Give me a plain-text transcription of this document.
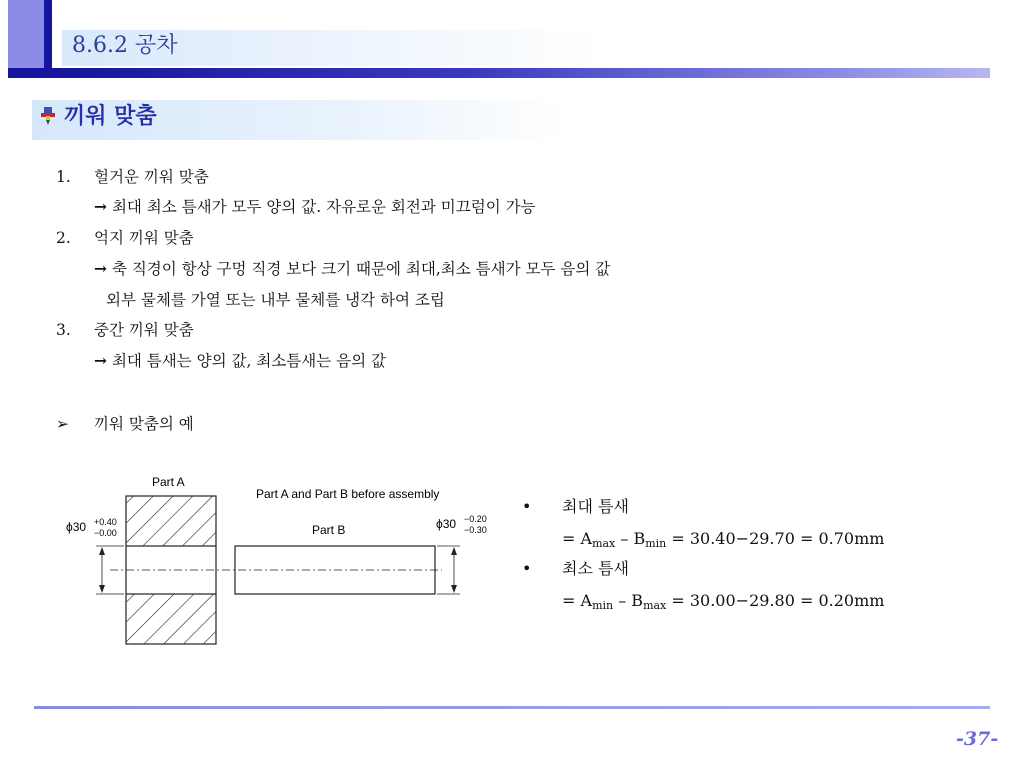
8.6.2 공차
끼워 맞춤
1. 헐거운 끼워 맞춤
→ 최대 최소 틈새가 모두 양의 값. 자유로운 회전과 미끄럼이 가능
2. 억지 끼워 맞춤
→ 축 직경이 항상 구멍 직경 보다 크기 때문에 최대,최소 틈새가 모두 음의 값
외부 물체를 가열 또는 내부 물체를 냉각 하여 조립
3. 중간 끼워 맞춤
→ 최대 틈새는 양의 값, 최소틈새는 음의 값
➢ 끼워 맞춤의 예
Part A
Part A and Part B before assembly
Part B
ϕ30 +0.40
−0.00
ϕ30 −0.20
−0.30
• 최대 틈새
= $A_{max} - B_{min} = 30.40-29.70 = 0.70mm$
• 최소 틈새
= $A_{min} - B_{max} = 30.00-29.80 = 0.20mm$
-37-
